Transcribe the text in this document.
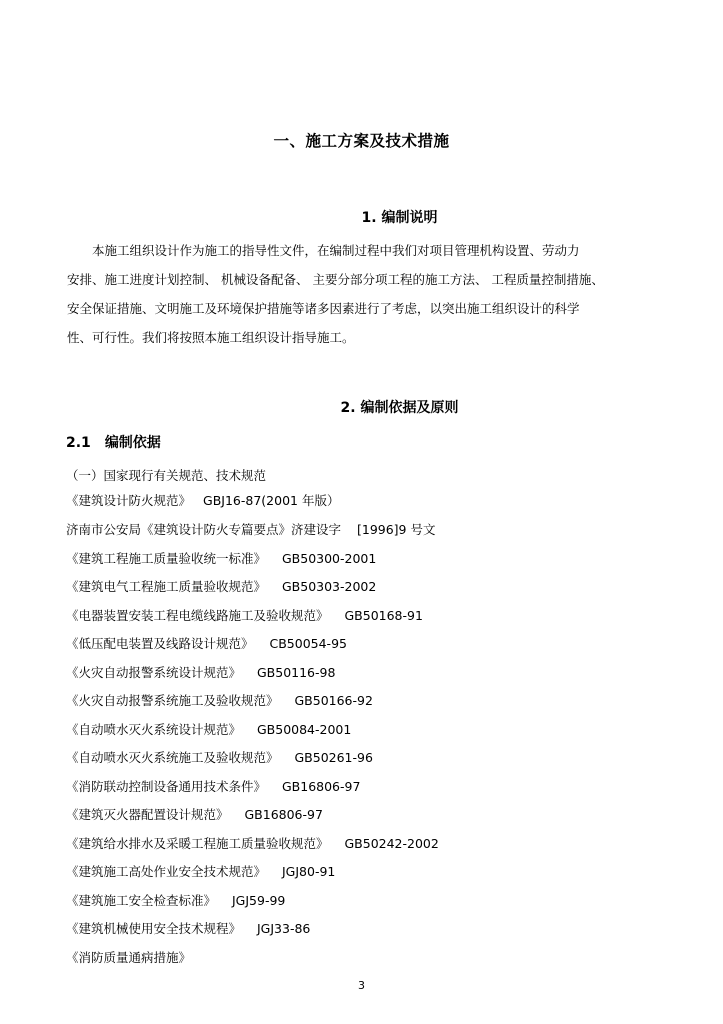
一、施工方案及技术措施
1. 编制说明
本施工组织设计作为施工的指导性文件，在编制过程中我们对项目管理机构设置、劳动力
安排、施工进度计划控制、 机械设备配备、 主要分部分项工程的施工方法、 工程质量控制措施、
安全保证措施、文明施工及环境保护措施等诸多因素进行了考虑，以突出施工组织设计的科学
性、可行性。我们将按照本施工组织设计指导施工。
2. 编制依据及原则
2.1 编制依据
（一）国家现行有关规范、技术规范
《建筑设计防火规范》 GBJ16-87(2001 年版）
济南市公安局《建筑设计防火专篇要点》济建设字 [1996]9 号文
《建筑工程施工质量验收统一标准》 GB50300-2001
《建筑电气工程施工质量验收规范》 GB50303-2002
《电器装置安装工程电缆线路施工及验收规范》 GB50168-91
《低压配电装置及线路设计规范》 CB50054-95
《火灾自动报警系统设计规范》 GB50116-98
《火灾自动报警系统施工及验收规范》 GB50166-92
《自动喷水灭火系统设计规范》 GB50084-2001
《自动喷水灭火系统施工及验收规范》 GB50261-96
《消防联动控制设备通用技术条件》 GB16806-97
《建筑灭火器配置设计规范》 GB16806-97
《建筑给水排水及采暖工程施工质量验收规范》 GB50242-2002
《建筑施工高处作业安全技术规范》 JGJ80-91
《建筑施工安全检查标准》 JGJ59-99
《建筑机械使用安全技术规程》 JGJ33-86
《消防质量通病措施》
3
